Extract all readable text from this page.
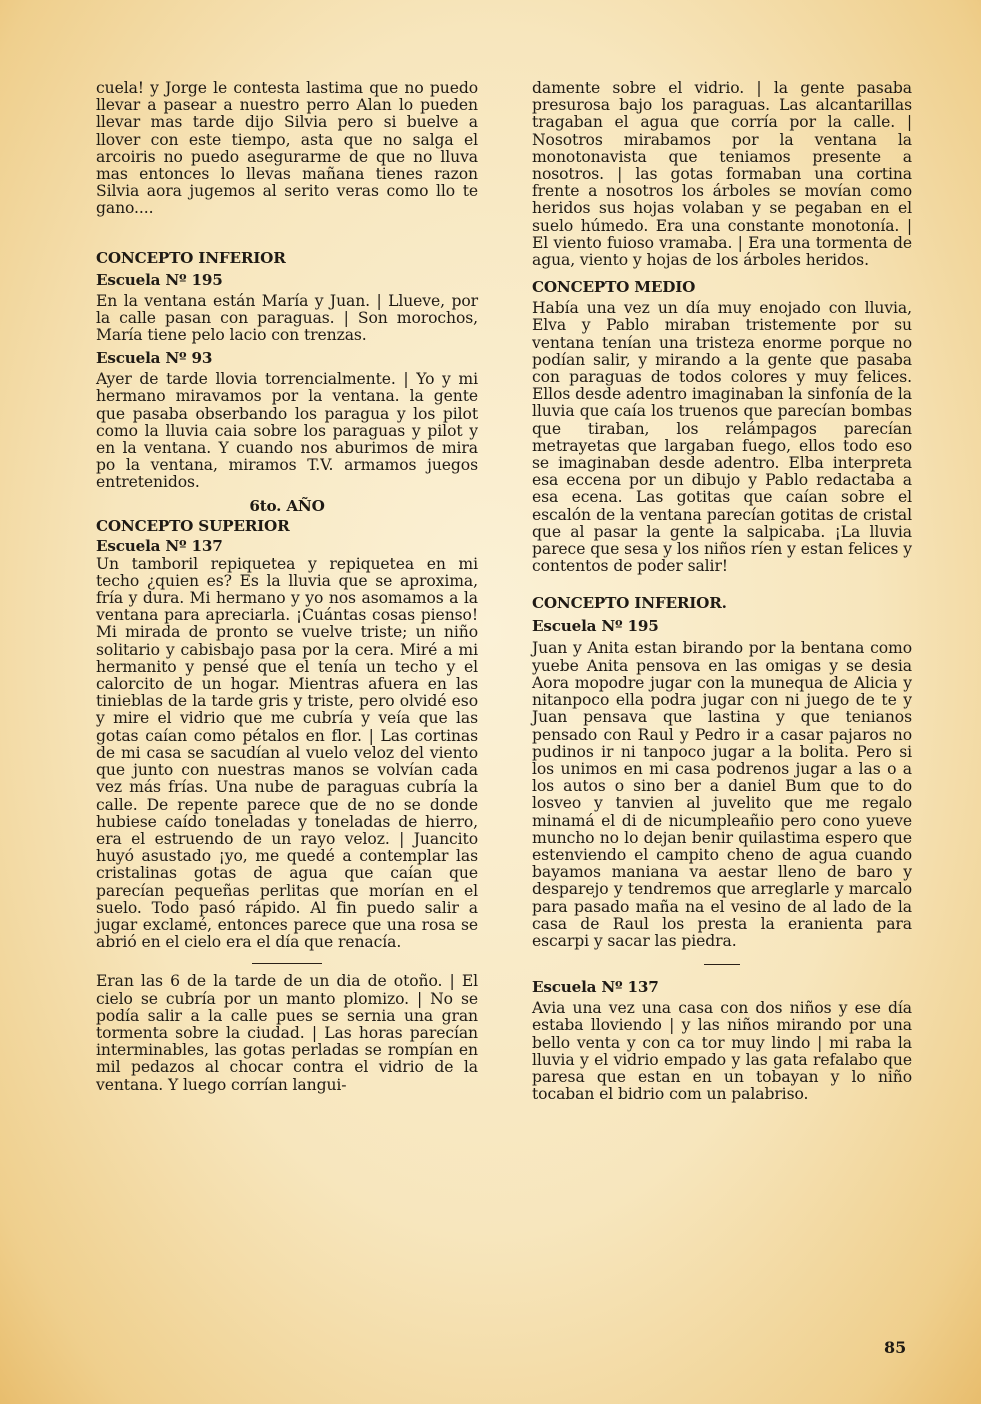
cuela! y Jorge le contesta lastima que no puedo llevar a pasear a nuestro perro Alan lo pueden llevar mas tarde dijo Silvia pero si buelve a llover con este tiempo, asta que no salga el arcoiris no puedo asegurarme de que no lluva mas entonces lo llevas mañana tienes razon Silvia aora jugemos al serito veras como llo te gano....

CONCEPTO INFERIOR

Escuela Nº 195

En la ventana están María y Juan. | Llueve, por la calle pasan con paraguas. | Son morochos, María tiene pelo lacio con trenzas.

Escuela Nº 93

Ayer de tarde llovia torrencialmente. | Yo y mi hermano miravamos por la ventana. la gente que pasaba obserbando los paragua y los pilot como la lluvia caia sobre los paraguas y pilot y en la ventana. Y cuando nos aburimos de mira po la ventana, miramos T.V. armamos juegos entretenidos.

6to. AÑO

CONCEPTO SUPERIOR

Escuela Nº 137

Un tamboril repiquetea y repiquetea en mi techo ¿quien es? Es la lluvia que se aproxima, fría y dura. Mi hermano y yo nos asomamos a la ventana para apreciarla. ¡Cuántas cosas pienso! Mi mirada de pronto se vuelve triste; un niño solitario y cabisbajo pasa por la cera. Miré a mi hermanito y pensé que el tenía un techo y el calorcito de un hogar. Mientras afuera en las tinieblas de la tarde gris y triste, pero olvidé eso y mire el vidrio que me cubría y veía que las gotas caían como pétalos en flor. | Las cortinas de mi casa se sacudían al vuelo veloz del viento que junto con nuestras manos se volvían cada vez más frías. Una nube de paraguas cubría la calle. De repente parece que de no se donde hubiese caído toneladas y toneladas de hierro, era el estruendo de un rayo veloz. | Juancito huyó asustado ¡yo, me quedé a contemplar las cristalinas gotas de agua que caían que parecían pequeñas perlitas que morían en el suelo. Todo pasó rápido. Al fin puedo salir a jugar exclamé, entonces parece que una rosa se abrió en el cielo era el día que renacía.

Eran las 6 de la tarde de un dia de otoño. | El cielo se cubría por un manto plomizo. | No se podía salir a la calle pues se sernia una gran tormenta sobre la ciudad. | Las horas parecían interminables, las gotas perladas se rompían en mil pedazos al chocar contra el vidrio de la ventana. Y luego corrían langui-

damente sobre el vidrio. | la gente pasaba presurosa bajo los paraguas. Las alcantarillas tragaban el agua que corría por la calle. | Nosotros mirabamos por la ventana la monotonavista que teniamos presente a nosotros. | las gotas formaban una cortina frente a nosotros los árboles se movían como heridos sus hojas volaban y se pegaban en el suelo húmedo. Era una constante monotonía. | El viento fuioso vramaba. | Era una tormenta de agua, viento y hojas de los árboles heridos.

CONCEPTO MEDIO

Había una vez un día muy enojado con lluvia, Elva y Pablo miraban tristemente por su ventana tenían una tristeza enorme porque no podían salir, y mirando a la gente que pasaba con paraguas de todos colores y muy felices. Ellos desde adentro imaginaban la sinfonía de la lluvia que caía los truenos que parecían bombas que tiraban, los relámpagos parecían metrayetas que largaban fuego, ellos todo eso se imaginaban desde adentro. Elba interpreta esa eccena por un dibujo y Pablo redactaba a esa ecena. Las gotitas que caían sobre el escalón de la ventana parecían gotitas de cristal que al pasar la gente la salpicaba. ¡La lluvia parece que sesa y los niños ríen y estan felices y contentos de poder salir!

CONCEPTO INFERIOR.

Escuela Nº 195

Juan y Anita estan birando por la bentana como yuebe Anita pensova en las omigas y se desia Aora mopodre jugar con la munequa de Alicia y nitanpoco ella podra jugar con ni juego de te y Juan pensava que lastina y que tenianos pensado con Raul y Pedro ir a casar pajaros no pudinos ir ni tanpoco jugar a la bolita. Pero si los unimos en mi casa podrenos jugar a las o a los autos o sino ber a daniel Bum que to do losveo y tanvien al juvelito que me regalo minamá el di de nicumpleañio pero cono yueve muncho no lo dejan benir quilastima espero que estenviendo el campito cheno de agua cuando bayamos manianа va aestar lleno de baro y desparejo y tendremos que arreglarle y marcalo para pasado maña na el vesino de al lado de la casa de Raul los presta la eranienta para escarpi y sacar las piedra.

Escuela Nº 137

Avia una vez una casa con dos niños y ese día estaba lloviendo | y las niños mirando por una bello venta y con ca tor muy lindo | mi raba la lluvia y el vidrio empado y las gata refalabo que paresa que estan en un tobayan y lo niño tocaban el bidrio com un palabriso.

85
